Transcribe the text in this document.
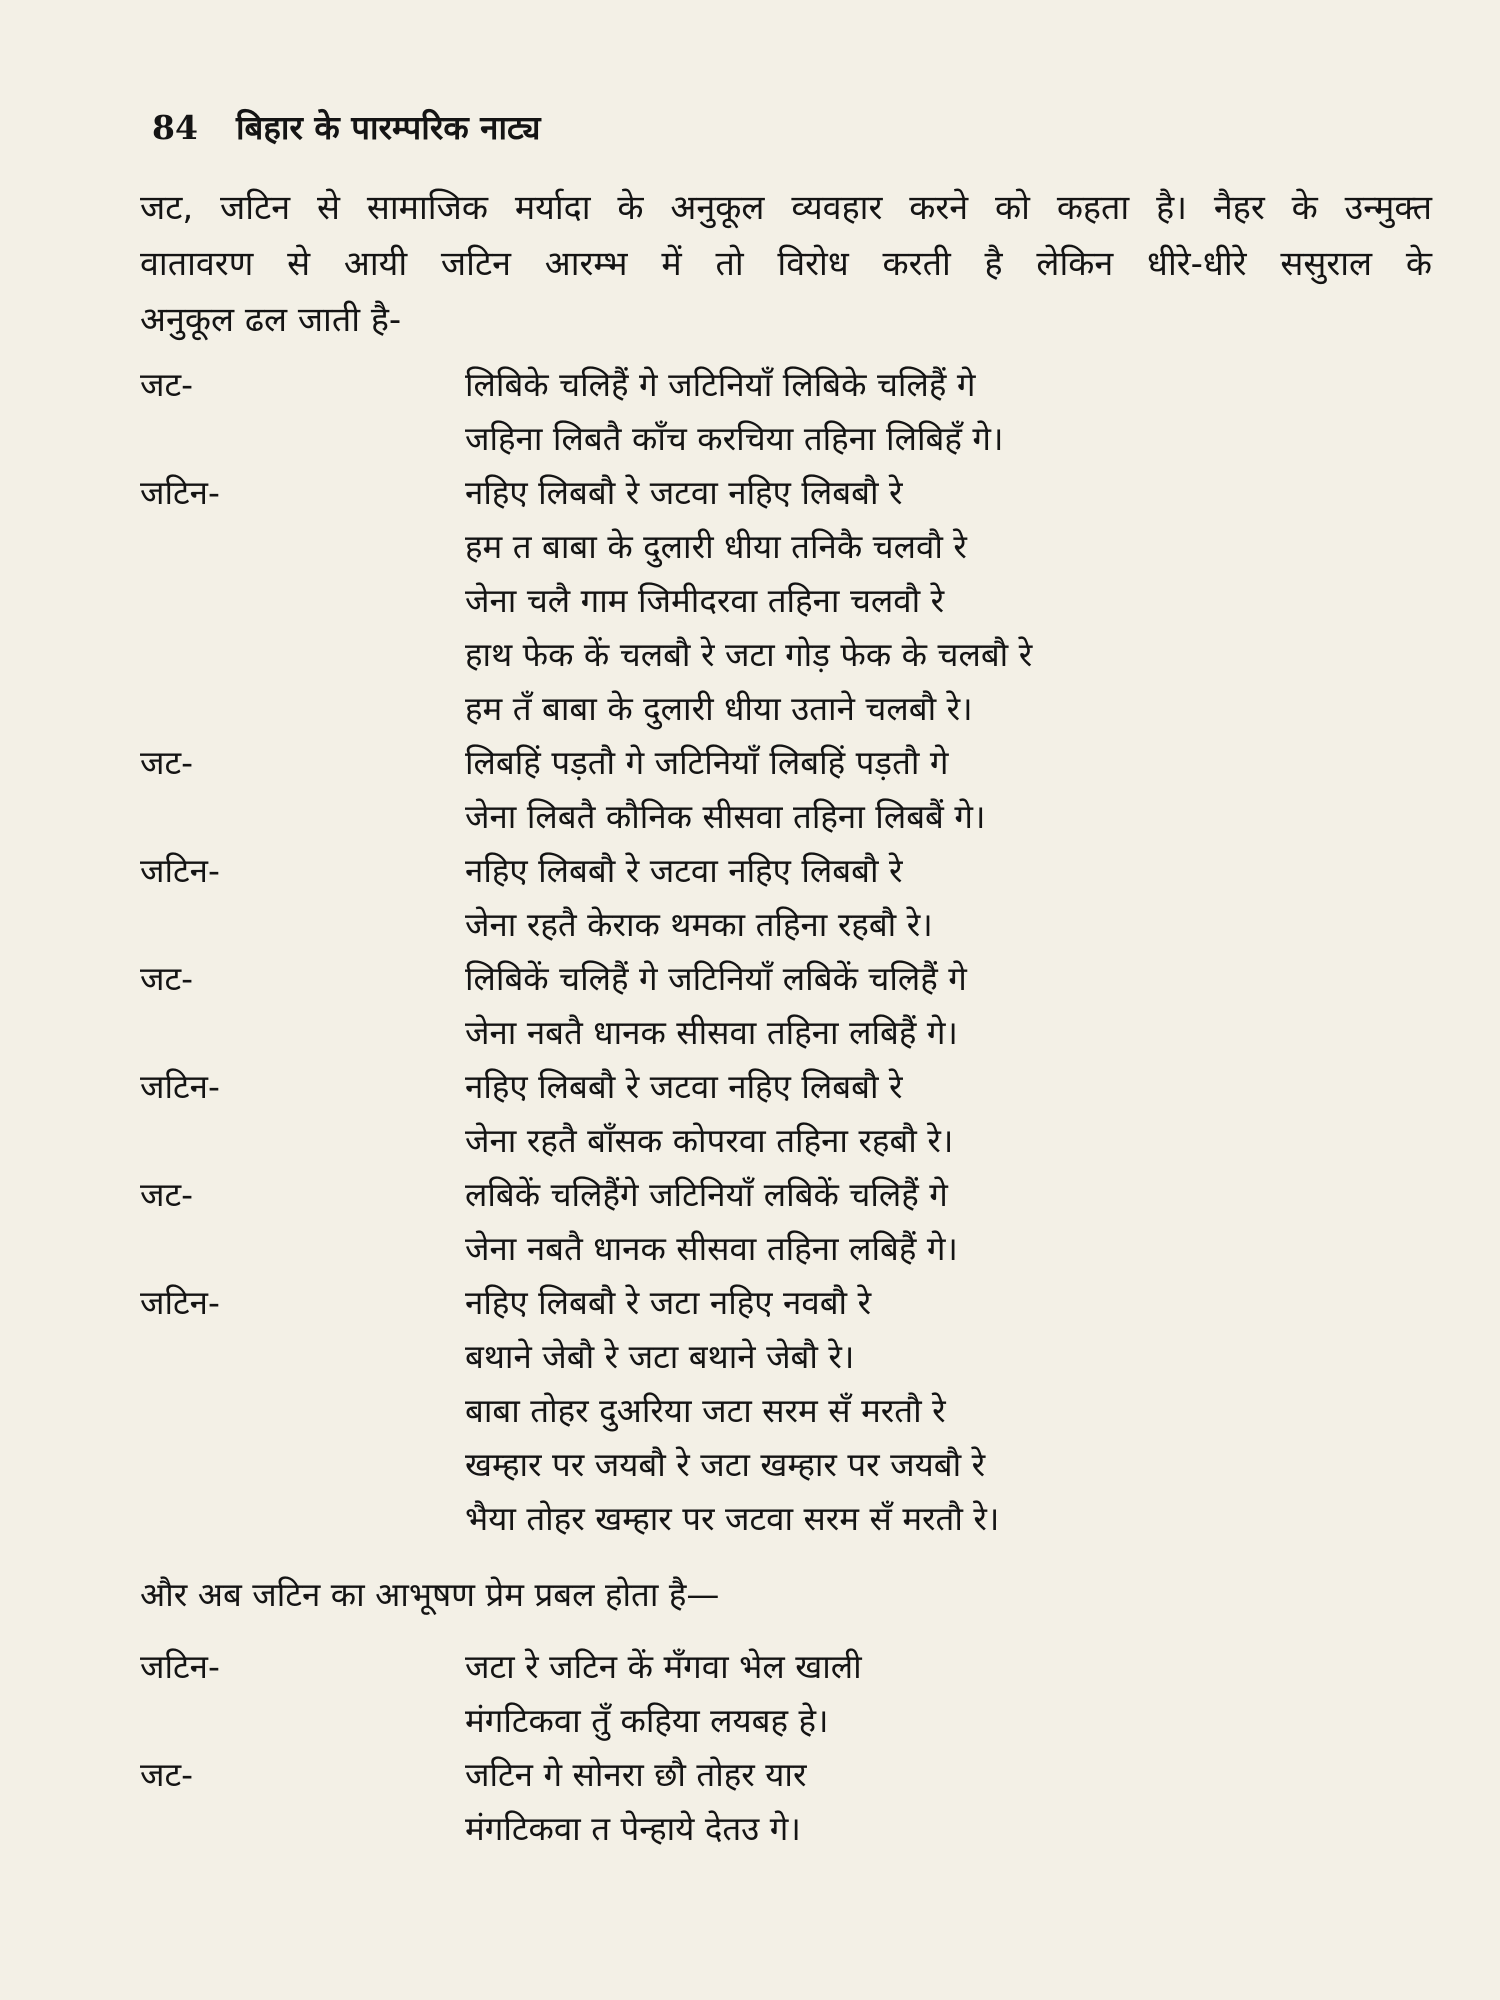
84 बिहार के पारम्परिक नाट्य
जट, जटिन से सामाजिक मर्यादा के अनुकूल व्यवहार करने को कहता है। नैहर के उन्मुक्त
वातावरण से आयी जटिन आरम्भ में तो विरोध करती है लेकिन धीरे-धीरे ससुराल के
अनुकूल ढल जाती है-
जट-	लिबिके चलिहैं गे जटिनियाँ लिबिके चलिहैं गे
जहिना लिबतै काँच करचिया तहिना लिबिहँ गे।
जटिन-	नहिए लिबबौ रे जटवा नहिए लिबबौ रे
हम त बाबा के दुलारी धीया तनिकै चलवौ रे
जेना चलै गाम जिमीदरवा तहिना चलवौ रे
हाथ फेक कें चलबौ रे जटा गोड़ फेक के चलबौ रे
हम तँ बाबा के दुलारी धीया उताने चलबौ रे।
जट-	लिबहिं पड़तौ गे जटिनियाँ लिबहिं पड़तौ गे
जेना लिबतै कौनिक सीसवा तहिना लिबबैं गे।
जटिन-	नहिए लिबबौ रे जटवा नहिए लिबबौ रे
जेना रहतै केराक थमका तहिना रहबौ रे।
जट-	लिबिकें चलिहैं गे जटिनियाँ लबिकें चलिहैं गे
जेना नबतै धानक सीसवा तहिना लबिहैं गे।
जटिन-	नहिए लिबबौ रे जटवा नहिए लिबबौ रे
जेना रहतै बाँसक कोपरवा तहिना रहबौ रे।
जट-	लबिकें चलिहैंगे जटिनियाँ लबिकें चलिहैं गे
जेना नबतै धानक सीसवा तहिना लबिहैं गे।
जटिन-	नहिए लिबबौ रे जटा नहिए नवबौ रे
बथाने जेबौ रे जटा बथाने जेबौ रे।
बाबा तोहर दुअरिया जटा सरम सँ मरतौ रे
खम्हार पर जयबौ रे जटा खम्हार पर जयबौ रे
भैया तोहर खम्हार पर जटवा सरम सँ मरतौ रे।
और अब जटिन का आभूषण प्रेम प्रबल होता है—
जटिन-	जटा रे जटिन कें मँगवा भेल खाली
मंगटिकवा तुँ कहिया लयबह हे।
जट-	जटिन गे सोनरा छौ तोहर यार
मंगटिकवा त पेन्हाये देतउ गे।
